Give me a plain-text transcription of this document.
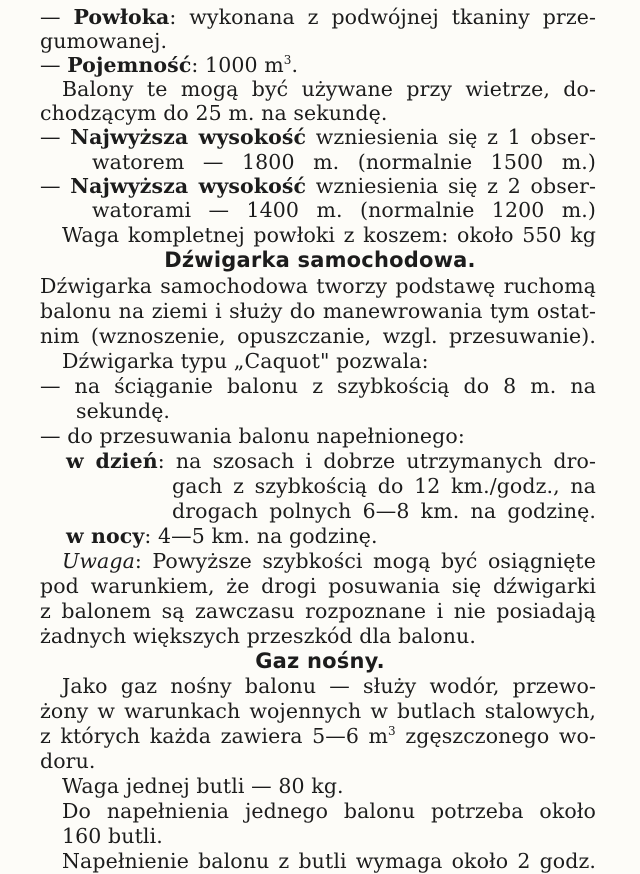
— Powłoka: wykonana z podwójnej tkaniny prze-
gumowanej.
— Pojemność: 1000 $m^3$.
Balony te mogą być używane przy wietrze, do-
chodzącym do 25 m. na sekundę.
— Najwyższa wysokość wzniesienia się z 1 obser-
watorem — 1800 m. (normalnie 1500 m.)
— Najwyższa wysokość wzniesienia się z 2 obser-
watorami — 1400 m. (normalnie 1200 m.)
Waga kompletnej powłoki z koszem: około 550 kg
Dźwigarka samochodowa.
Dźwigarka samochodowa tworzy podstawę ruchomą
balonu na ziemi i służy do manewrowania tym ostat-
nim (wznoszenie, opuszczanie, wzgl. przesuwanie).
Dźwigarka typu „Caquot" pozwala:
— na ściąganie balonu z szybkością do 8 m. na
sekundę.
— do przesuwania balonu napełnionego:
w dzień: na szosach i dobrze utrzymanych dro-
gach z szybkością do 12 km./godz., na
drogach polnych 6—8 km. na godzinę.
w nocy: 4—5 km. na godzinę.
Uwaga: Powyższe szybkości mogą być osiągnięte
pod warunkiem, że drogi posuwania się dźwigarki
z balonem są zawczasu rozpoznane i nie posiadają
żadnych większych przeszkód dla balonu.
Gaz nośny.
Jako gaz nośny balonu — służy wodór, przewo-
żony w warunkach wojennych w butlach stalowych,
z których każda zawiera 5—6 $m^3$ zgęszczonego wo-
doru.
Waga jednej butli — 80 kg.
Do napełnienia jednego balonu potrzeba około
160 butli.
Napełnienie balonu z butli wymaga około 2 godz.
